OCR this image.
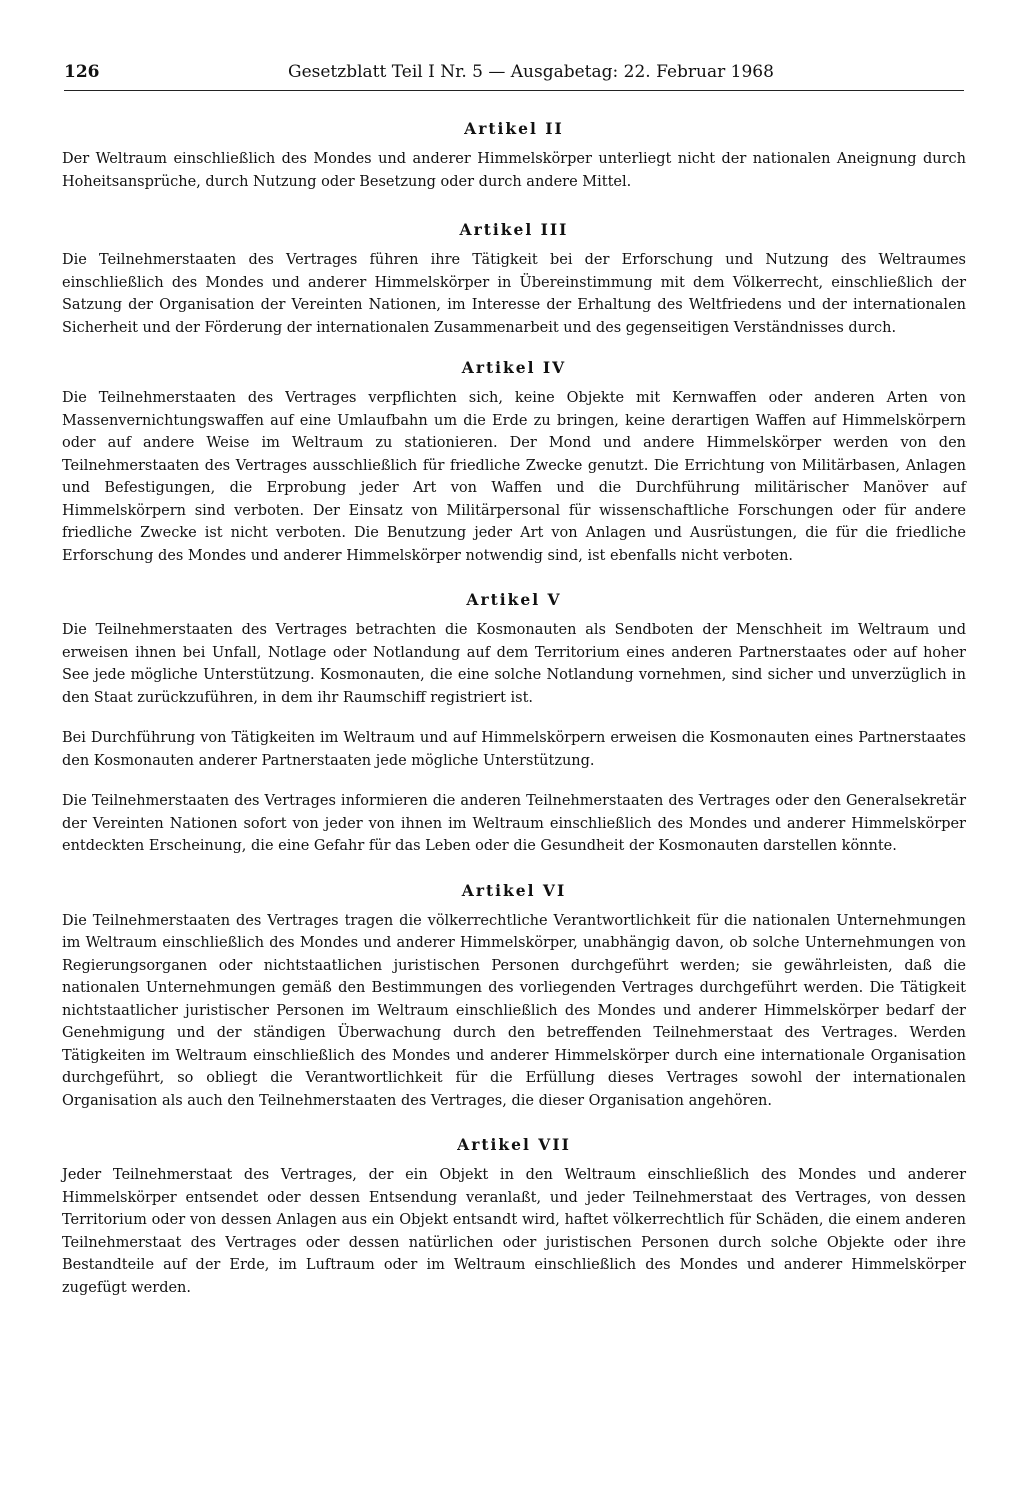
126	Gesetzblatt Teil I Nr. 5 — Ausgabetag: 22. Februar 1968
Artikel II

Der Weltraum einschließlich des Mondes und anderer Himmelskörper unterliegt nicht der nationalen Aneignung durch Hoheitsansprüche, durch Nutzung oder Besetzung oder durch andere Mittel.

Artikel III

Die Teilnehmerstaaten des Vertrages führen ihre Tätigkeit bei der Erforschung und Nutzung des Weltraumes einschließlich des Mondes und anderer Himmelskörper in Übereinstimmung mit dem Völkerrecht, einschließlich der Satzung der Organisation der Vereinten Nationen, im Interesse der Erhaltung des Weltfriedens und der internationalen Sicherheit und der Förderung der internationalen Zusammenarbeit und des gegenseitigen Verständnisses durch.

Artikel IV

Die Teilnehmerstaaten des Vertrages verpflichten sich, keine Objekte mit Kernwaffen oder anderen Arten von Massenvernichtungswaffen auf eine Umlaufbahn um die Erde zu bringen, keine derartigen Waffen auf Himmelskörpern oder auf andere Weise im Weltraum zu stationieren. Der Mond und andere Himmelskörper werden von den Teilnehmerstaaten des Vertrages ausschließlich für friedliche Zwecke genutzt. Die Errichtung von Militärbasen, Anlagen und Befestigungen, die Erprobung jeder Art von Waffen und die Durchführung militärischer Manöver auf Himmelskörpern sind verboten. Der Einsatz von Militärpersonal für wissenschaftliche Forschungen oder für andere friedliche Zwecke ist nicht verboten. Die Benutzung jeder Art von Anlagen und Ausrüstungen, die für die friedliche Erforschung des Mondes und anderer Himmelskörper notwendig sind, ist ebenfalls nicht verboten.

Artikel V

Die Teilnehmerstaaten des Vertrages betrachten die Kosmonauten als Sendboten der Menschheit im Weltraum und erweisen ihnen bei Unfall, Notlage oder Notlandung auf dem Territorium eines anderen Partnerstaates oder auf hoher See jede mögliche Unterstützung. Kosmonauten, die eine solche Notlandung vornehmen, sind sicher und unverzüglich in den Staat zurückzuführen, in dem ihr Raumschiff registriert ist.

Bei Durchführung von Tätigkeiten im Weltraum und auf Himmelskörpern erweisen die Kosmonauten eines Partnerstaates den Kosmonauten anderer Partnerstaaten jede mögliche Unterstützung.

Die Teilnehmerstaaten des Vertrages informieren die anderen Teilnehmerstaaten des Vertrages oder den Generalsekretär der Vereinten Nationen sofort von jeder von ihnen im Weltraum einschließlich des Mondes und anderer Himmelskörper entdeckten Erscheinung, die eine Gefahr für das Leben oder die Gesundheit der Kosmonauten darstellen könnte.

Artikel VI

Die Teilnehmerstaaten des Vertrages tragen die völkerrechtliche Verantwortlichkeit für die nationalen Unternehmungen im Weltraum einschließlich des Mondes und anderer Himmelskörper, unabhängig davon, ob solche Unternehmungen von Regierungsorganen oder nichtstaatlichen juristischen Personen durchgeführt werden; sie gewährleisten, daß die nationalen Unternehmungen gemäß den Bestimmungen des vorliegenden Vertrages durchgeführt werden. Die Tätigkeit nichtstaatlicher juristischer Personen im Weltraum einschließlich des Mondes und anderer Himmelskörper bedarf der Genehmigung und der ständigen Überwachung durch den betreffenden Teilnehmerstaat des Vertrages. Werden Tätigkeiten im Weltraum einschließlich des Mondes und anderer Himmelskörper durch eine internationale Organisation durchgeführt, so obliegt die Verantwortlichkeit für die Erfüllung dieses Vertrages sowohl der internationalen Organisation als auch den Teilnehmerstaaten des Vertrages, die dieser Organisation angehören.

Artikel VII

Jeder Teilnehmerstaat des Vertrages, der ein Objekt in den Weltraum einschließlich des Mondes und anderer Himmelskörper entsendet oder dessen Entsendung veranlaßt, und jeder Teilnehmerstaat des Vertrages, von dessen Territorium oder von dessen Anlagen aus ein Objekt entsandt wird, haftet völkerrechtlich für Schäden, die einem anderen Teilnehmerstaat des Vertrages oder dessen natürlichen oder juristischen Personen durch solche Objekte oder ihre Bestandteile auf der Erde, im Luftraum oder im Weltraum einschließlich des Mondes und anderer Himmelskörper zugefügt werden.
